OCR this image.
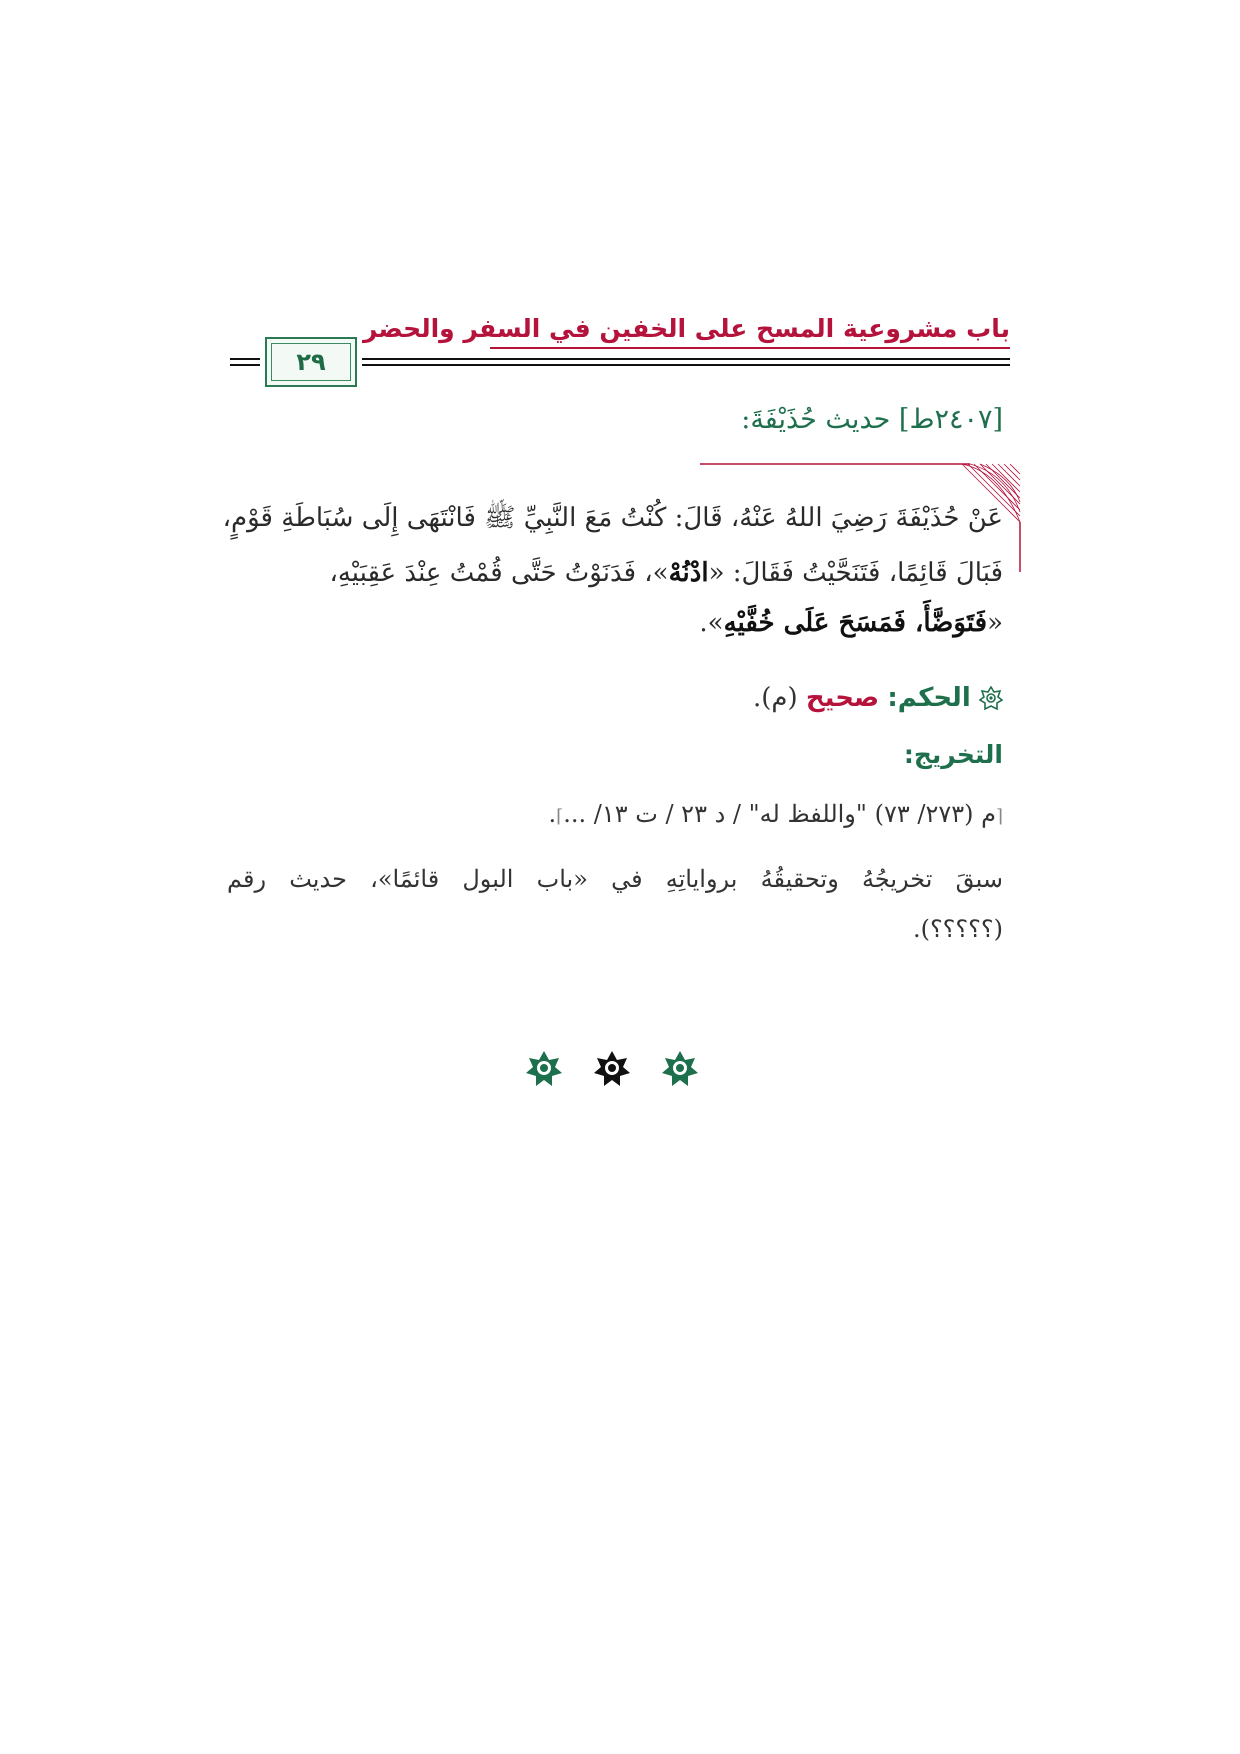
باب مشروعية المسح على الخفين في السفر والحضر
٢٩
[٢٤٠٧ط] حديث حُذَيْفَةَ:
عَنْ حُذَيْفَةَ رَضِيَ اللهُ عَنْهُ، قَالَ: كُنْتُ مَعَ النَّبِيِّ ﷺ فَانْتَهَى إِلَى سُبَاطَةِ قَوْمٍ،
فَبَالَ قَائِمًا، فَتَنَحَّيْتُ فَقَالَ: «ادْنُهْ»، فَدَنَوْتُ حَتَّى قُمْتُ عِنْدَ عَقِبَيْهِ،
«فَتَوَضَّأَ، فَمَسَحَ عَلَى خُفَّيْهِ».
الحكم: صحيح (م).
التخريج:
⌈م (٢٧٣/ ٧٣) "واللفظ له" / د ٢٣ / ت ١٣/ ...⌉.
سبقَ تخريجُهُ وتحقيقُهُ برواياتِهِ في «باب البول قائمًا»، حديث رقم
(؟؟؟؟؟).
